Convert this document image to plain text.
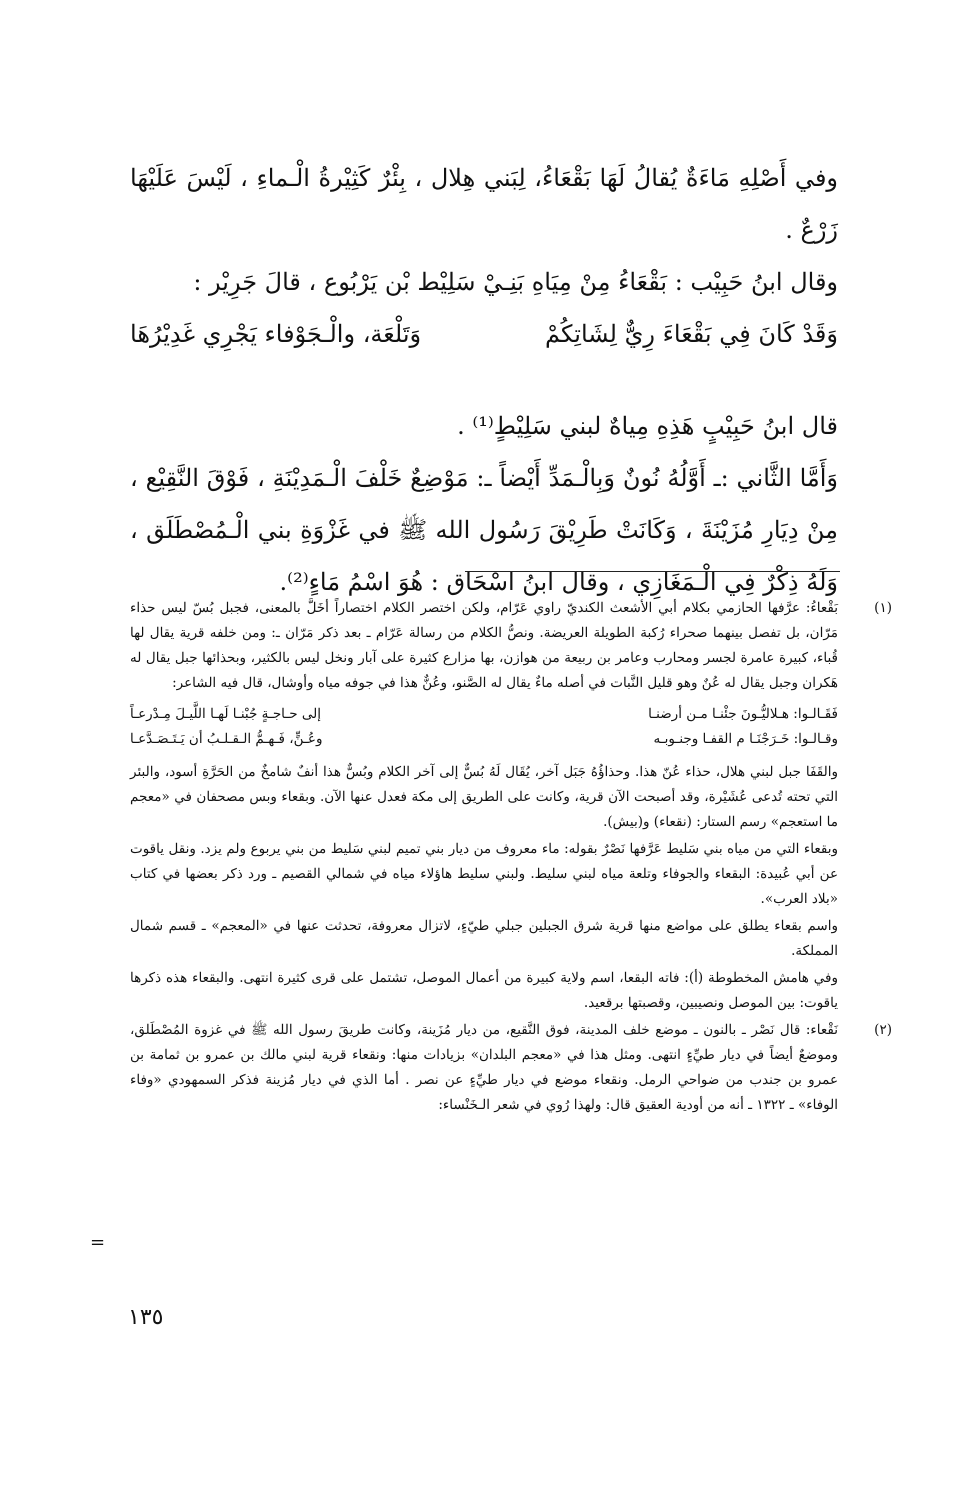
وفي أَصْلِهِ مَاءَةٌ يُقالُ لَهَا بَقْعَاءُ، لِبَني هِلال ، بِئْرٌ كَثِيْرةُ الْـماءِ ، لَيْسَ عَلَيْهَا زَرْعٌ .

وقال ابنُ حَبِيْب : بَقْعَاءُ مِنْ مِيَاهِ بَنِـيْ سَلِيْط بْن يَرْبُوع ، قالَ جَرِيْر :

وَقَدْ كَانَ فِي بَقْعَاءَ رِيٌّ لِشَاتِكُمْ
وَتَلْعَة، والْـجَوْفاء يَجْرِي غَدِيْرُهَا

قال ابنُ حَبِيْبٍ هَذِهِ مِياهٌ لبني سَلِيْطٍ⁽¹⁾ .

وَأَمَّا الثَّاني :ـ أَوَّلُهُ نُونٌ وَبِالْـمَدِّ أَيْضاً ـ: مَوْضِعٌ خَلْفَ الْـمَدِيْنَةِ ، فَوْقَ النَّقِيْع ، مِنْ دِيَارِ مُزَيْنَةَ ، وَكَانَتْ طَرِيْقَ رَسُول الله ﷺ في غَزْوَةِ بني الْـمُصْطَلَق ، وَلَهُ ذِكْرٌ فِي الْـمَغَازِي ، وقال ابنُ اسْحَاق : هُوَ اسْمُ مَاءٍ⁽²⁾.

(١)

بَقْعاءُ: عرَّفها الحازمي بكلام أبي الأشعث الكنديّ راوي عَرّام، ولكن اختصر الكلام اختصاراً أخَلَّ بالمعنى، فجبل بُسّ ليس حذاء مَرّان، بل تفصل بينهما صحراء رُكبة الطويلة العريضة. ونصُّ الكلام من رسالة عَرّام ـ بعد ذكر مَرّان ـ: ومن خلفه قرية يقال لها قُباء، كبيرة عامرة لجسر ومحارب وعامر بن ربيعة من هوازن، بها مزارع كثيرة على آبار ونخل ليس بالكثير، وبحذائها جبل يقال له هَكران وجبل يقال له عُنٌ وهو قليل النَّبات في أصله ماءٌ يقال له الصَّنو، وعُنٌّ هذا في جوفه مياه وأوشال، قال فيه الشاعر:

فَقَـالـوا: هـلاليُّـونَ جئْنـا مـن أرضنـا
إلى حـاجـةٍ جُبْنـا لَهـا اللَّيـلَ مِـدْرعـاً
وقـالـوا: خَـرَجْنَـا م القفـا وجنـوبـه
وعُـنٍّ، فَـهـمُّ الـقـلـبُ أن يَـتَـصَـدَّعـا

والقَفَا جبل لبني هلال، حذاء عُنّ هذا. وحذاؤُهُ جَبَل آخر، يُقَال لَهُ بُسٌّ إلى آخر الكلام وبُسٌّ هذا أنفٌ شامخٌ من الحَرَّةِ أسود، والبئر التي تحته تُدعى عُشَيْرة، وقد أصبحت الآن قرية، وكانت على الطريق إلى مكة فعدل عنها الآن. وبقعاء وبس مصحفان في «معجم ما استعجم» رسم الستار: (نقعاء) و(بيش).

وبقعاء التي من مياه بني سَليط عَرَّفها نَصْرٌ بقوله: ماء معروف من ديار بني تميم لبني سَليط من بني يربوع ولم يزد. ونقل ياقوت عن أبي عُبيدة: البقعاء والجوفاء وتلعة مياه لبني سليط. ولبني سليط هاؤلاء مياه في شمالي القصيم ـ ورد ذكر بعضها في كتاب «بلاد العرب».

واسم بقعاء يطلق على مواضع منها قرية شرق الجبلين جبلي طيّءٍ، لاتزال معروفة، تحدثت عنها في «المعجم» ـ قسم شمال المملكة.

وفي هامش المخطوطة (أ): فاته البقعا، اسم ولاية كبيرة من أعمال الموصل، تشتمل على قرى كثيرة انتهى. والبقعاء هذه ذكرها ياقوت: بين الموصل ونصيبين، وقصبتها برقعيد.

(٢)

نَقْعاء: قال نَصْر ـ بالنون ـ موضع خلف المدينة، فوق النَّقيع، من ديار مُزَينة، وكانت طريقَ رسول الله ﷺ في غزوة المُصْطَلق، وموضعٌ أيضاً في ديار طيِّءٍ انتهى. ومثل هذا في «معجم البلدان» بزيادات منها: ونقعاء قرية لبني مالك بن عمرو بن ثمامة بن عمرو بن جندب من ضواحي الرمل. ونقعاء موضع في ديار طيِّءٍ عن نصر . أما الذي في ديار مُزينة فذكر السمهودي «وفاء الوفاء» ـ ١٣٢٢ ـ أنه من أودية العقيق قال: ولهذا رُوي في شعر الـخَنْساء:

=
١٣٥
